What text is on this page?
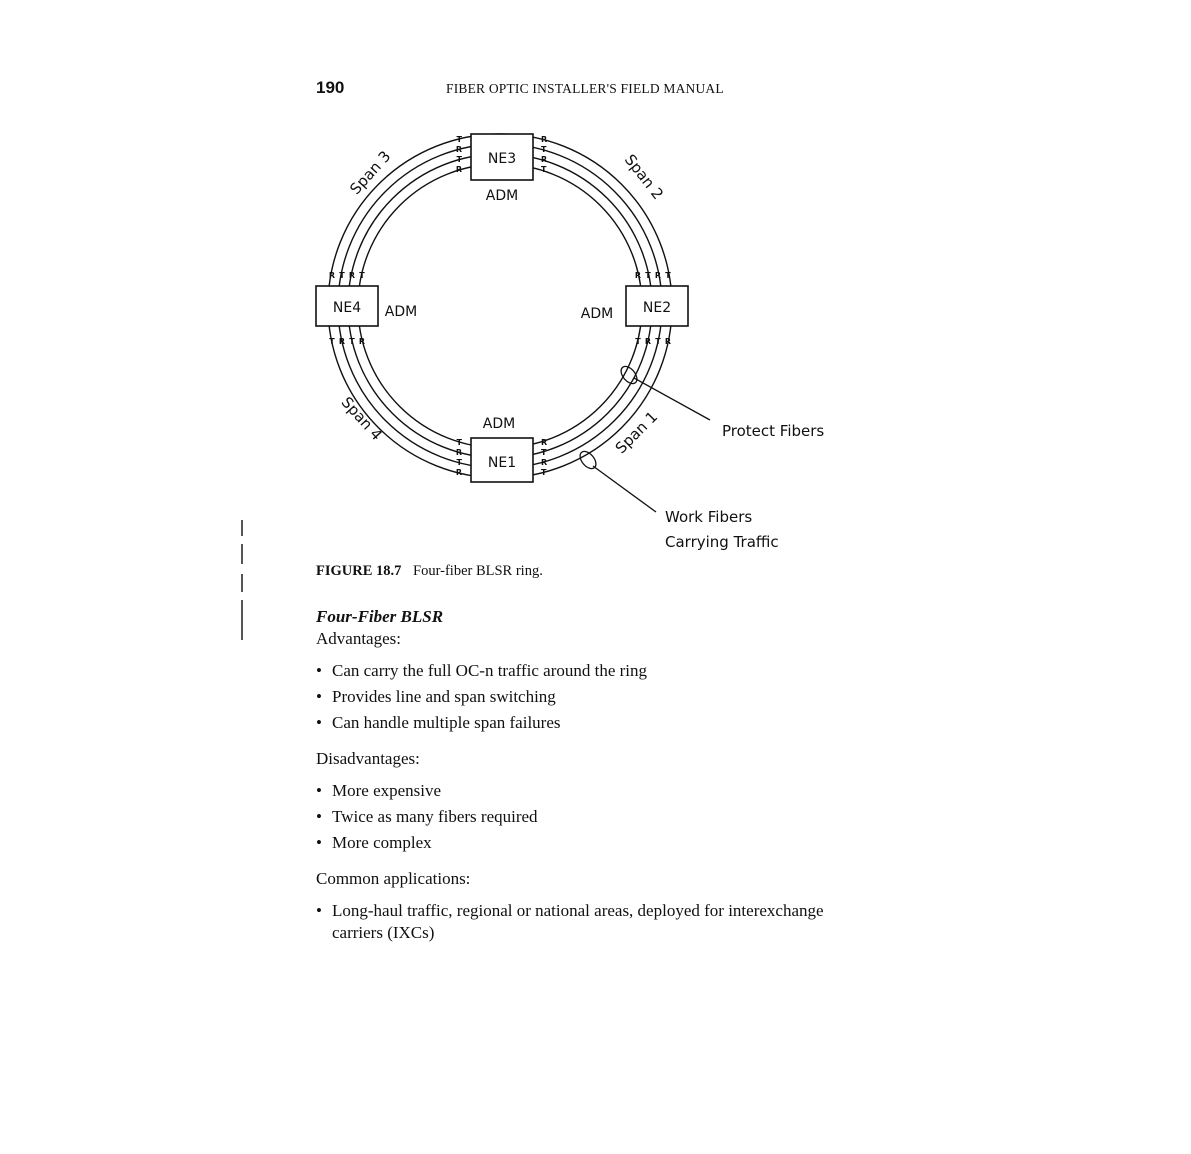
190	FIBER OPTIC INSTALLER'S FIELD MANUAL
NE3
ADM
T
R
T
R
R
T
R
T
NE2
ADM
R T R T
T R T R
NE1
ADM
T
R
T
R
R
T
R
T
NE4 ADM
R T R T
T R T R
Span 3	Span 2
Span 4	Span 1	Protect Fibers
Work Fibers
Carrying Traffic
FIGURE 18.7 Four-fiber BLSR ring.

Four-Fiber BLSR

Advantages:

• Can carry the full OC-n traffic around the ring
• Provides line and span switching
• Can handle multiple span failures

Disadvantages:

• More expensive
• Twice as many fibers required
• More complex

Common applications:

• Long-haul traffic, regional or national areas, deployed for interexchange carriers (IXCs)
